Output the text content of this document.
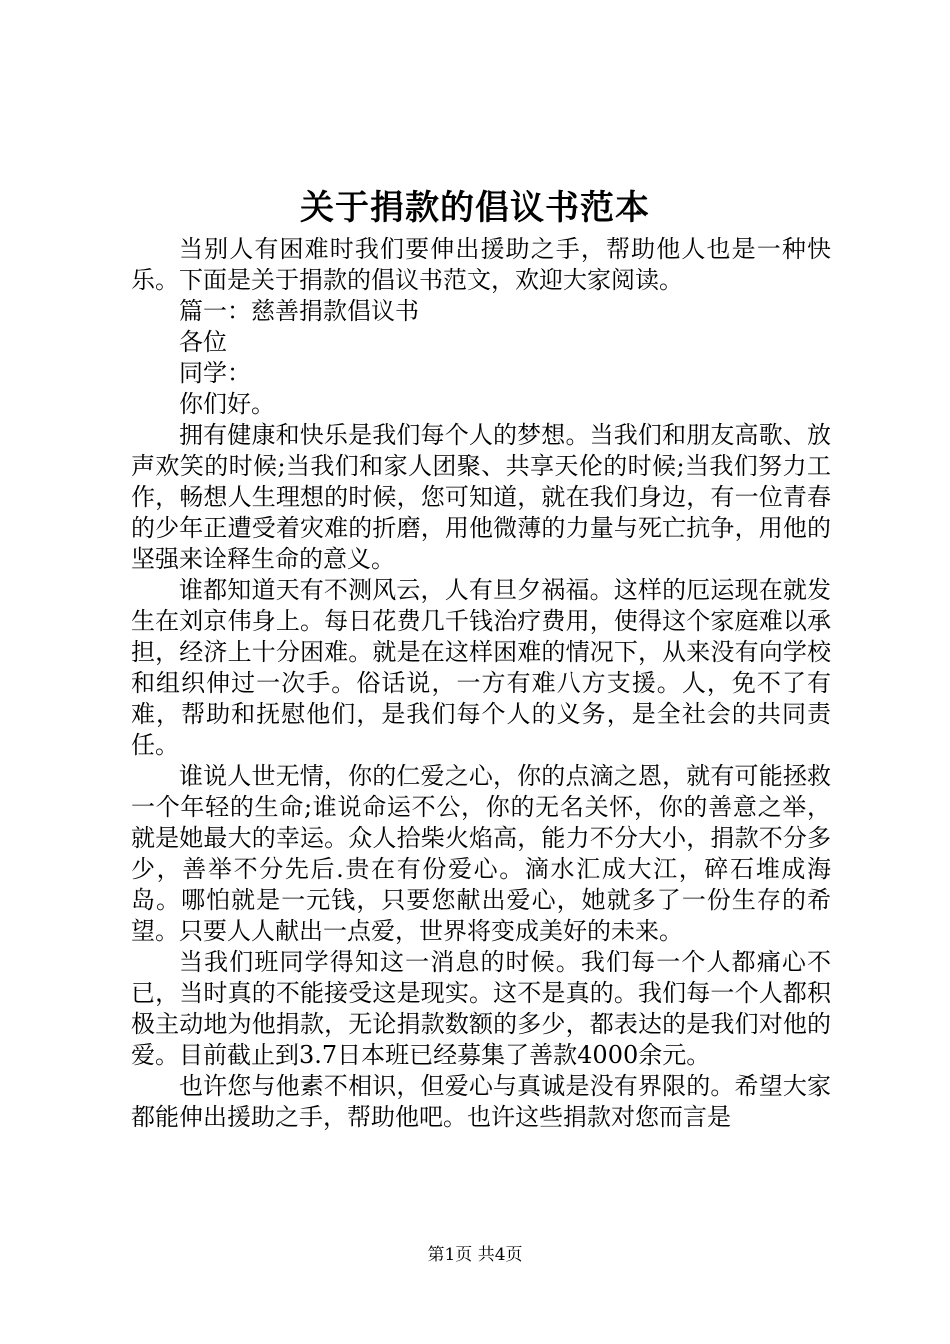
关于捐款的倡议书范本

当别人有困难时我们要伸出援助之手，帮助他人也是一种快乐。下面是关于捐款的倡议书范文，欢迎大家阅读。

篇一：慈善捐款倡议书

各位

同学：

你们好。

拥有健康和快乐是我们每个人的梦想。当我们和朋友高歌、放声欢笑的时候;当我们和家人团聚、共享天伦的时候;当我们努力工作，畅想人生理想的时候，您可知道，就在我们身边，有一位青春的少年正遭受着灾难的折磨，用他微薄的力量与死亡抗争，用他的坚强来诠释生命的意义。

谁都知道天有不测风云，人有旦夕祸福。这样的厄运现在就发生在刘京伟身上。每日花费几千钱治疗费用，使得这个家庭难以承担，经济上十分困难。就是在这样困难的情况下，从来没有向学校和组织伸过一次手。俗话说，一方有难八方支援。人，免不了有难，帮助和抚慰他们，是我们每个人的义务，是全社会的共同责任。

谁说人世无情，你的仁爱之心，你的点滴之恩，就有可能拯救一个年轻的生命;谁说命运不公，你的无名关怀，你的善意之举，就是她最大的幸运。众人拾柴火焰高，能力不分大小，捐款不分多少，善举不分先后.贵在有份爱心。滴水汇成大江，碎石堆成海岛。哪怕就是一元钱，只要您献出爱心，她就多了一份生存的希望。只要人人献出一点爱，世界将变成美好的未来。

当我们班同学得知这一消息的时候。我们每一个人都痛心不已，当时真的不能接受这是现实。这不是真的。我们每一个人都积极主动地为他捐款，无论捐款数额的多少，都表达的是我们对他的爱。目前截止到3.7日本班已经募集了善款4000余元。

也许您与他素不相识，但爱心与真诚是没有界限的。希望大家都能伸出援助之手，帮助他吧。也许这些捐款对您而言是

第1页 共4页
